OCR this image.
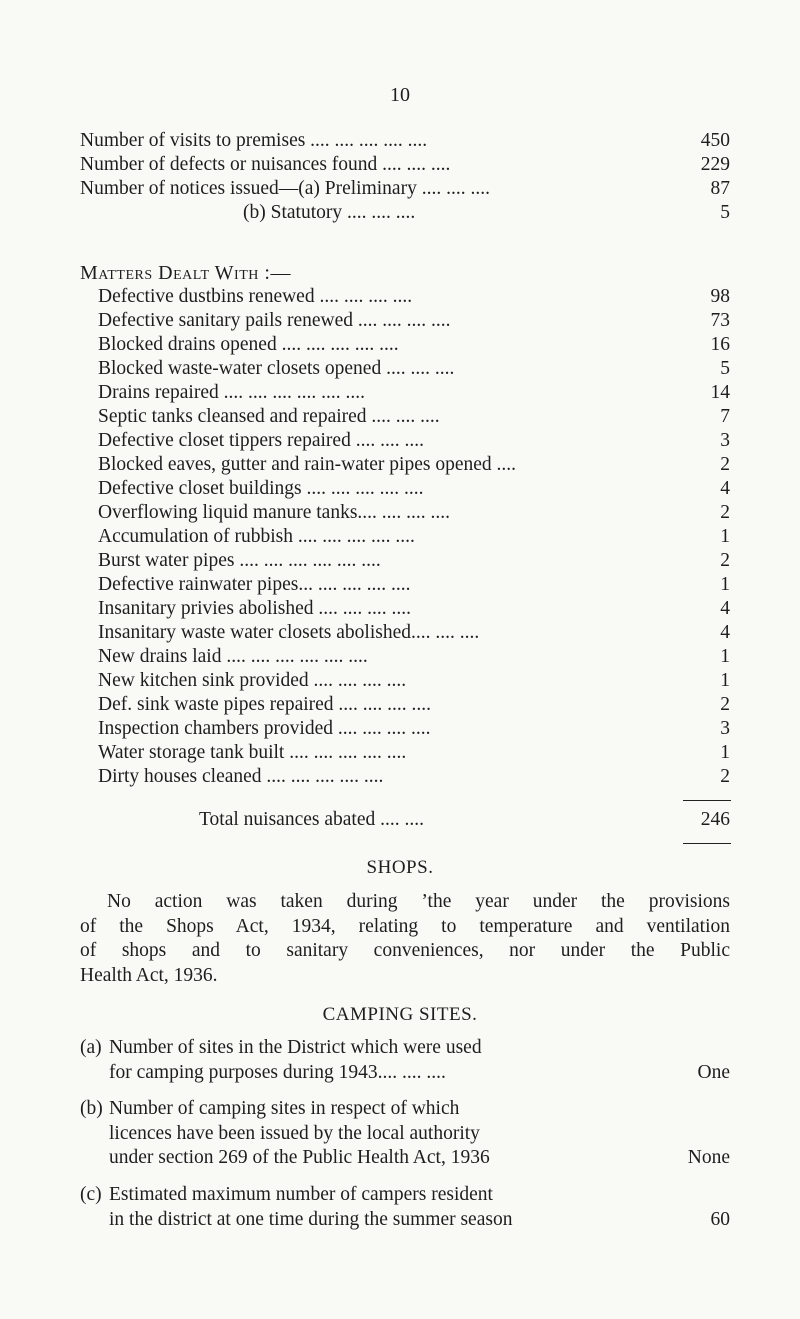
10
Number of visits to premises .... .... .... .... ....	450
Number of defects or nuisances found .... .... ....	229
Number of notices issued—(a) Preliminary .... .... ....	87
(b) Statutory .... .... ....	5
Matters Dealt With :—
Defective dustbins renewed .... .... .... ....	98
Defective sanitary pails renewed .... .... .... ....	73
Blocked drains opened .... .... .... .... ....	16
Blocked waste-water closets opened .... .... ....	5
Drains repaired .... .... .... .... .... ....	14
Septic tanks cleansed and repaired .... .... ....	7
Defective closet tippers repaired .... .... ....	3
Blocked eaves, gutter and rain-water pipes opened ....	2
Defective closet buildings .... .... .... .... ....	4
Overflowing liquid manure tanks.... .... .... ....	2
Accumulation of rubbish .... .... .... .... ....	1
Burst water pipes .... .... .... .... .... ....	2
Defective rainwater pipes... .... .... .... ....	1
Insanitary privies abolished .... .... .... ....	4
Insanitary waste water closets abolished.... .... ....	4
New drains laid .... .... .... .... .... ....	1
New kitchen sink provided .... .... .... ....	1
Def. sink waste pipes repaired .... .... .... ....	2
Inspection chambers provided .... .... .... ....	3
Water storage tank built .... .... .... .... ....	1
Dirty houses cleaned .... .... .... .... ....	2
Total nuisances abated .... ....	246
SHOPS.
No action was taken during ’the year under the provisions
of the Shops Act, 1934, relating to temperature and ventilation
of shops and to sanitary conveniences, nor under the Public
Health Act, 1936.
CAMPING SITES.
(a) Number of sites in the District which were used
for camping purposes during 1943.... .... ....	One
(b) Number of camping sites in respect of which
licences have been issued by the local authority
under section 269 of the Public Health Act, 1936	None
(c) Estimated maximum number of campers resident
in the district at one time during the summer season	60
